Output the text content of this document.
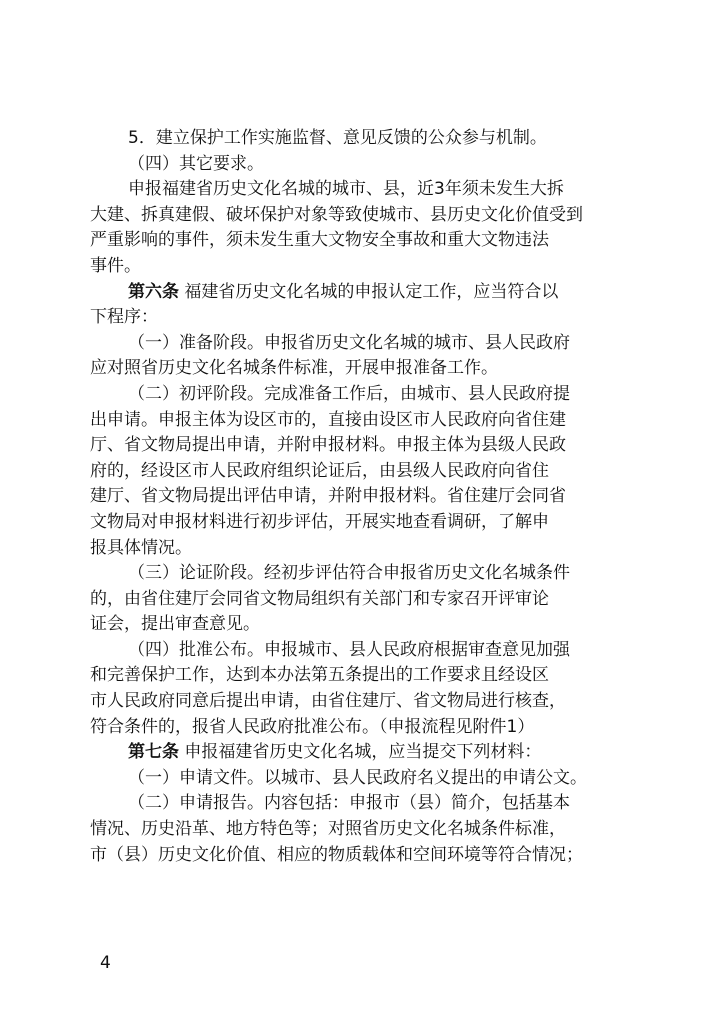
5．建立保护工作实施监督、意见反馈的公众参与机制。
（四）其它要求。
申报福建省历史文化名城的城市、县，近3年须未发生大拆
大建、拆真建假、破坏保护对象等致使城市、县历史文化价值受到
严重影响的事件，须未发生重大文物安全事故和重大文物违法
事件。
第六条 福建省历史文化名城的申报认定工作，应当符合以
下程序：
（一）准备阶段。申报省历史文化名城的城市、县人民政府
应对照省历史文化名城条件标准，开展申报准备工作。
（二）初评阶段。完成准备工作后，由城市、县人民政府提
出申请。申报主体为设区市的，直接由设区市人民政府向省住建
厅、省文物局提出申请，并附申报材料。申报主体为县级人民政
府的，经设区市人民政府组织论证后，由县级人民政府向省住
建厅、省文物局提出评估申请，并附申报材料。省住建厅会同省
文物局对申报材料进行初步评估，开展实地查看调研，了解申
报具体情况。
（三）论证阶段。经初步评估符合申报省历史文化名城条件
的，由省住建厅会同省文物局组织有关部门和专家召开评审论
证会，提出审查意见。
（四）批准公布。申报城市、县人民政府根据审查意见加强
和完善保护工作，达到本办法第五条提出的工作要求且经设区
市人民政府同意后提出申请，由省住建厅、省文物局进行核查，
符合条件的，报省人民政府批准公布。（申报流程见附件1）
第七条 申报福建省历史文化名城，应当提交下列材料：
（一）申请文件。以城市、县人民政府名义提出的申请公文。
（二）申请报告。内容包括：申报市（县）简介，包括基本
情况、历史沿革、地方特色等；对照省历史文化名城条件标准，
市（县）历史文化价值、相应的物质载体和空间环境等符合情况；
4
